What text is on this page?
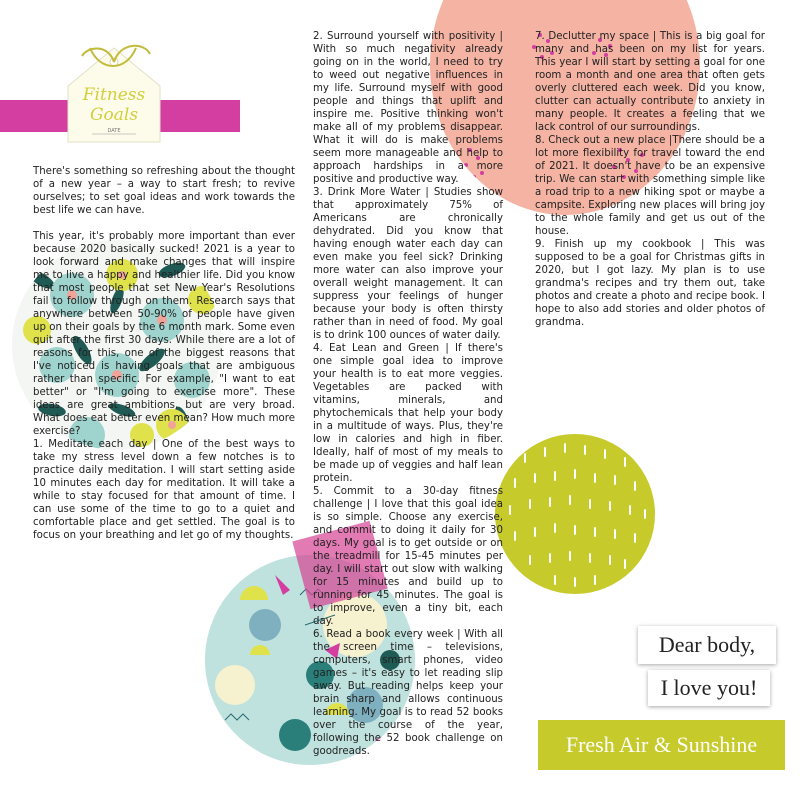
Fitness
Goals
DATE
There's something so refreshing about the thought of a new year – a way to start fresh; to revive ourselves; to set goal ideas and work towards the best life we can have.

This year, it's probably more important than ever because 2020 basically sucked! 2021 is a year to look forward and make changes that will inspire me to live a happy and healthier life. Did you know that most people that set New Year's Resolutions fail to follow through on them. Research says that anywhere between 50-90% of people have given up on their goals by the 6 month mark. Some even quit after the first 30 days. While there are a lot of reasons for this, one of the biggest reasons that I've noticed is having goals that are ambiguous rather than specific. For example, "I want to eat better" or "I'm going to exercise more". These ideas are great ambitions, but are very broad. What does eat better even mean? How much more exercise?
1. Meditate each day | One of the best ways to take my stress level down a few notches is to practice daily meditation. I will start setting aside 10 minutes each day for meditation. It will take a while to stay focused for that amount of time. I can use some of the time to go to a quiet and comfortable place and get settled. The goal is to focus on your breathing and let go of my thoughts.
2. Surround yourself with positivity | With so much negativity already going on in the world, I need to try to weed out negative influences in my life. Surround myself with good people and things that uplift and inspire me. Positive thinking won't make all of my problems disappear. What it will do is make problems seem more manageable and help to approach hardships in a more positive and productive way.
3. Drink More Water | Studies show that approximately 75% of Americans are chronically dehydrated. Did you know that having enough water each day can even make you feel sick? Drinking more water can also improve your overall weight management. It can suppress your feelings of hunger because your body is often thirsty rather than in need of food. My goal is to drink 100 ounces of water daily.
4. Eat Lean and Green | If there's one simple goal idea to improve your health is to eat more veggies. Vegetables are packed with vitamins, minerals, and phytochemicals that help your body in a multitude of ways. Plus, they're low in calories and high in fiber. Ideally, half of most of my meals to be made up of veggies and half lean protein.
5. Commit to a 30-day fitness challenge | I love that this goal idea is so simple. Choose any exercise, and commit to doing it daily for 30 days. My goal is to get outside or on the treadmill for 15-45 minutes per day. I will start out slow with walking for 15 minutes and build up to running for 45 minutes. The goal is to improve, even a tiny bit, each day.
6. Read a book every week | With all the screen time – televisions, computers, smart phones, video games – it's easy to let reading slip away. But reading helps keep your brain sharp and allows continuous learning. My goal is to read 52 books over the course of the year, following the 52 book challenge on goodreads.
7. Declutter my space | This is a big goal for many and has been on my list for years. This year I will start by setting a goal for one room a month and one area that often gets overly cluttered each week. Did you know, clutter can actually contribute to anxiety in many people. It creates a feeling that we lack control of our surroundings.
8. Check out a new place |There should be a lot more flexibility for travel toward the end of 2021. It doesn't have to be an expensive trip. We can start with something simple like a road trip to a new hiking spot or maybe a campsite. Exploring new places will bring joy to the whole family and get us out of the house.
9. Finish up my cookbook | This was supposed to be a goal for Christmas gifts in 2020, but I got lazy. My plan is to use grandma's recipes and try them out, take photos and create a photo and recipe book. I hope to also add stories and older photos of grandma.
Dear body,
I love you!
Fresh Air & Sunshine
